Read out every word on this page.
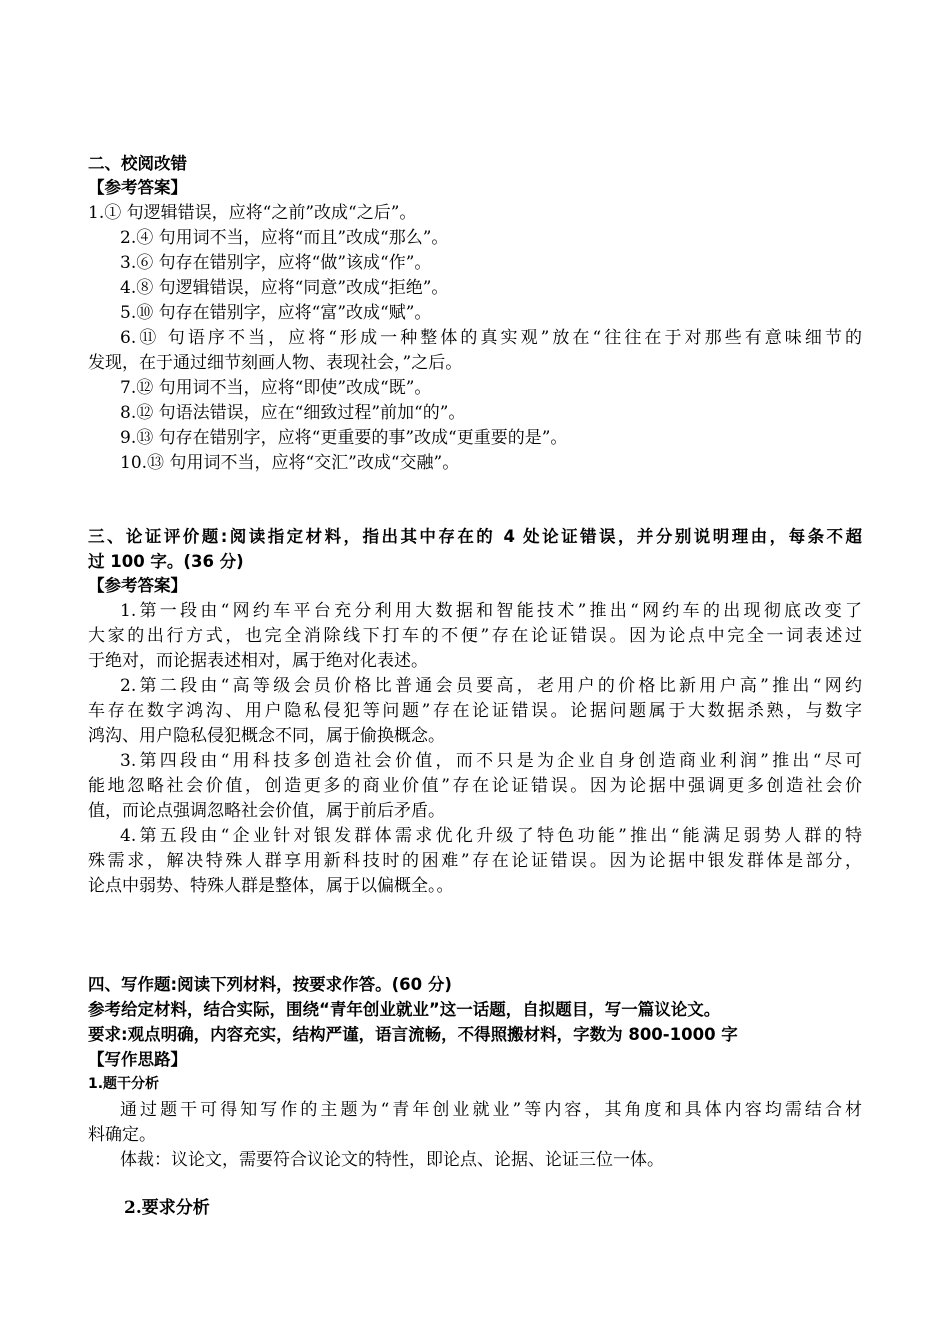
二、校阅改错
【参考答案】
1.① 句逻辑错误，应将“之前”改成“之后”。
2.④ 句用词不当，应将“而且”改成“那么”。
3.⑥ 句存在错别字，应将“做”该成“作”。
4.⑧ 句逻辑错误，应将“同意”改成“拒绝”。
5.⑩ 句存在错别字，应将“富”改成“赋”。
6.⑪ 句语序不当，应将“形成一种整体的真实观”放在“往往在于对那些有意味细节的
发现，在于通过细节刻画人物、表现社会，”之后。
7.⑫ 句用词不当，应将“即使”改成“既”。
8.⑫ 句语法错误，应在“细致过程”前加“的”。
9.⑬ 句存在错别字，应将“更重要的事”改成“更重要的是”。
10.⑬ 句用词不当，应将“交汇”改成“交融”。
三、论证评价题:阅读指定材料，指出其中存在的 4 处论证错误，并分别说明理由，每条不超
过 100 字。(36 分)
【参考答案】
1.第一段由“网约车平台充分利用大数据和智能技术”推出“网约车的出现彻底改变了
大家的出行方式，也完全消除线下打车的不便”存在论证错误。因为论点中完全一词表述过
于绝对，而论据表述相对，属于绝对化表述。
2.第二段由“高等级会员价格比普通会员要高，老用户的价格比新用户高”推出“网约
车存在数字鸿沟、用户隐私侵犯等问题”存在论证错误。论据问题属于大数据杀熟，与数字
鸿沟、用户隐私侵犯概念不同，属于偷换概念。
3.第四段由“用科技多创造社会价值，而不只是为企业自身创造商业利润”推出“尽可
能地忽略社会价值，创造更多的商业价值”存在论证错误。因为论据中强调更多创造社会价
值，而论点强调忽略社会价值，属于前后矛盾。
4.第五段由“企业针对银发群体需求优化升级了特色功能”推出“能满足弱势人群的特
殊需求，解决特殊人群享用新科技时的困难”存在论证错误。因为论据中银发群体是部分，
论点中弱势、特殊人群是整体，属于以偏概全。。
四、写作题:阅读下列材料，按要求作答。(60 分)
参考给定材料，结合实际，围绕“青年创业就业”这一话题，自拟题目，写一篇议论文。
要求:观点明确，内容充实，结构严谨，语言流畅，不得照搬材料，字数为 800-1000 字
【写作思路】
1.题干分析
通过题干可得知写作的主题为“青年创业就业”等内容，其角度和具体内容均需结合材
料确定。
体裁：议论文，需要符合议论文的特性，即论点、论据、论证三位一体。
2.要求分析
